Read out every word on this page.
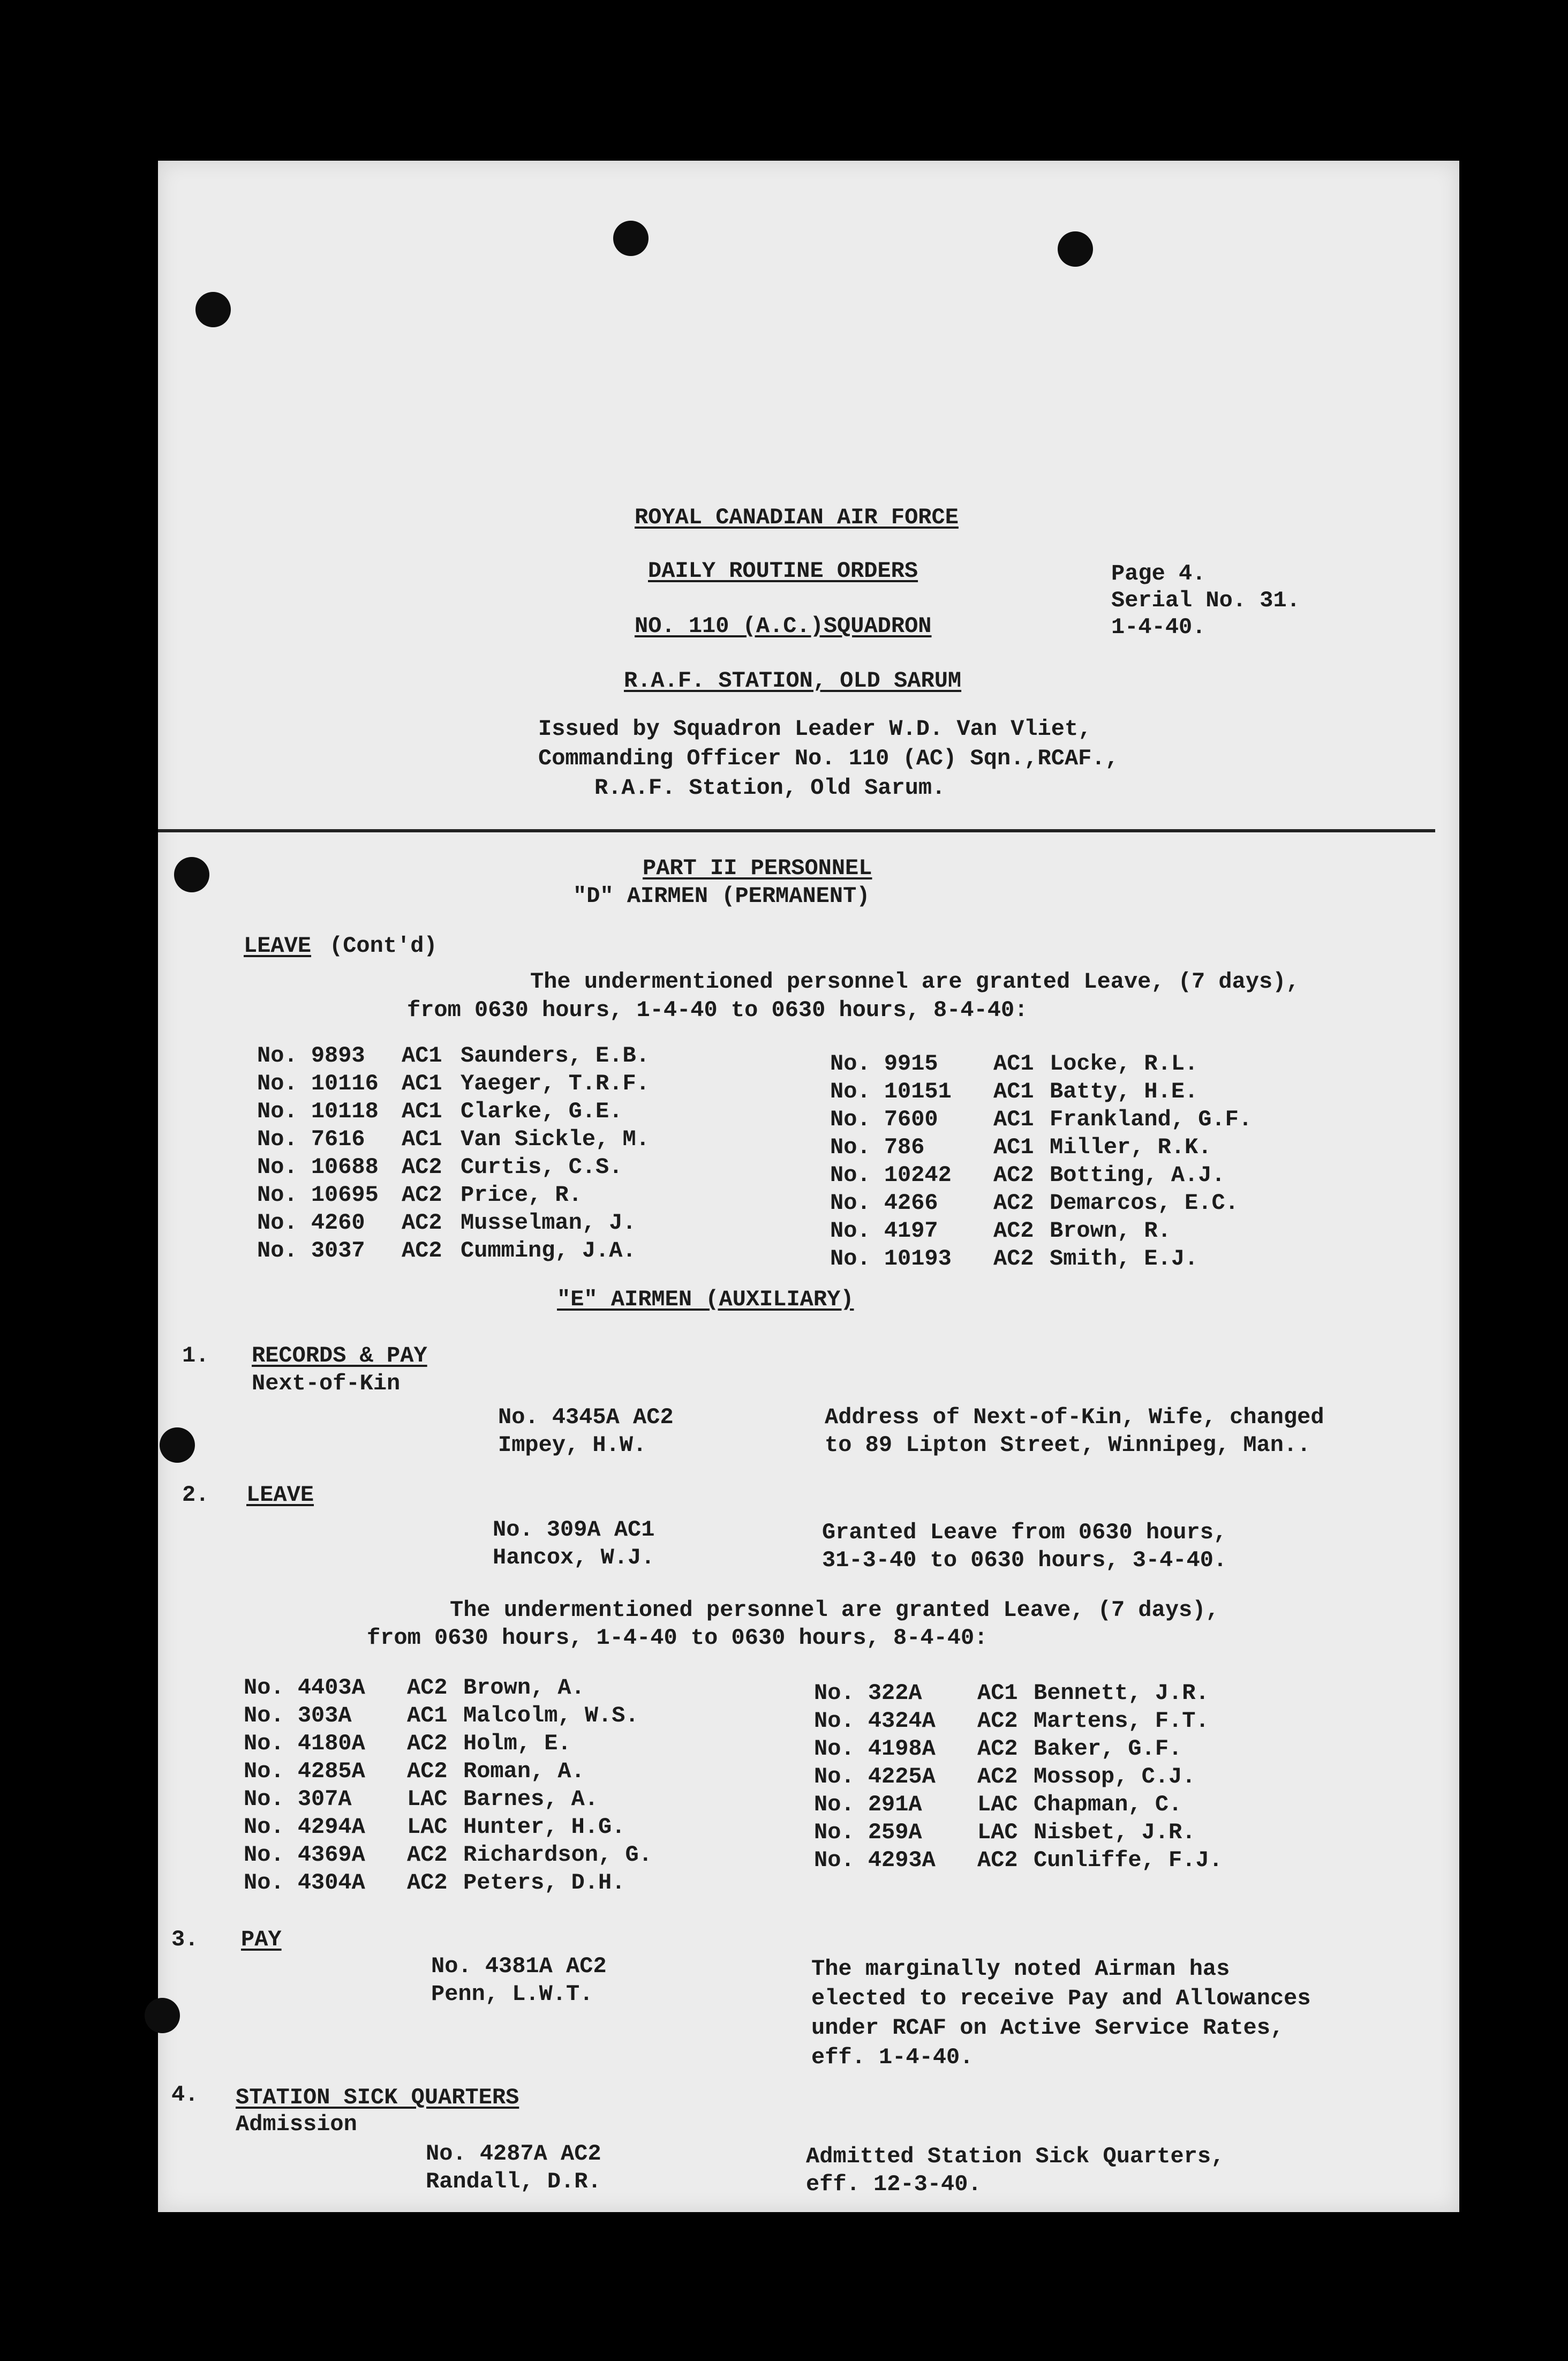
ROYAL CANADIAN AIR FORCE
DAILY ROUTINE ORDERS
NO. 110 (A.C.)SQUADRON
R.A.F. STATION, OLD SARUM
Page 4.
Serial No. 31.
1-4-40.
Issued by Squadron Leader W.D. Van Vliet,
Commanding Officer No. 110 (AC) Sqn.,RCAF.,
R.A.F. Station, Old Sarum.
PART II PERSONNEL
"D" AIRMEN (PERMANENT)
LEAVE (Cont'd)
The undermentioned personnel are granted Leave, (7 days),
from 0630 hours, 1-4-40 to 0630 hours, 8-4-40:
No. 9893 AC1 Saunders, E.B.
No. 10116 AC1 Yaeger, T.R.F.
No. 10118 AC1 Clarke, G.E.
No. 7616 AC1 Van Sickle, M.
No. 10688 AC2 Curtis, C.S.
No. 10695 AC2 Price, R.
No. 4260 AC2 Musselman, J.
No. 3037 AC2 Cumming, J.A.
No. 9915 AC1 Locke, R.L.
No. 10151 AC1 Batty, H.E.
No. 7600 AC1 Frankland, G.F.
No. 786	AC1 Miller, R.K.
No. 10242 AC2 Botting, A.J.
No. 4266 AC2 Demarcos, E.C.
No. 4197 AC2 Brown, R.
No. 10193 AC2 Smith, E.J.
"E" AIRMEN (AUXILIARY)
1. RECORDS & PAY
Next-of-Kin
No. 4345A AC2
Impey, H.W.
Address of Next-of-Kin, Wife, changed
to 89 Lipton Street, Winnipeg, Man..
2. LEAVE
No. 309A AC1
Hancox, W.J.
Granted Leave from 0630 hours,
31-3-40 to 0630 hours, 3-4-40.
The undermentioned personnel are granted Leave, (7 days),
from 0630 hours, 1-4-40 to 0630 hours, 8-4-40:
No. 4403A AC2 Brown, A.
No. 303A AC1 Malcolm, W.S.
No. 4180A AC2 Holm, E.
No. 4285A AC2 Roman, A.
No. 307A LAC Barnes, A.
No. 4294A LAC Hunter, H.G.
No. 4369A AC2 Richardson, G.
No. 4304A AC2 Peters, D.H.
No. 322A AC1 Bennett, J.R.
No. 4324A AC2 Martens, F.T.
No. 4198A AC2 Baker, G.F.
No. 4225A AC2 Mossop, C.J.
No. 291A LAC Chapman, C.
No. 259A LAC Nisbet, J.R.
No. 4293A AC2 Cunliffe, F.J.
3. PAY
No. 4381A AC2
Penn, L.W.T.
The marginally noted Airman has
elected to receive Pay and Allowances
under RCAF on Active Service Rates,
eff. 1-4-40.
4. STATION SICK QUARTERS
Admission
No. 4287A AC2
Randall, D.R.
Admitted Station Sick Quarters,
eff. 12-3-40.
